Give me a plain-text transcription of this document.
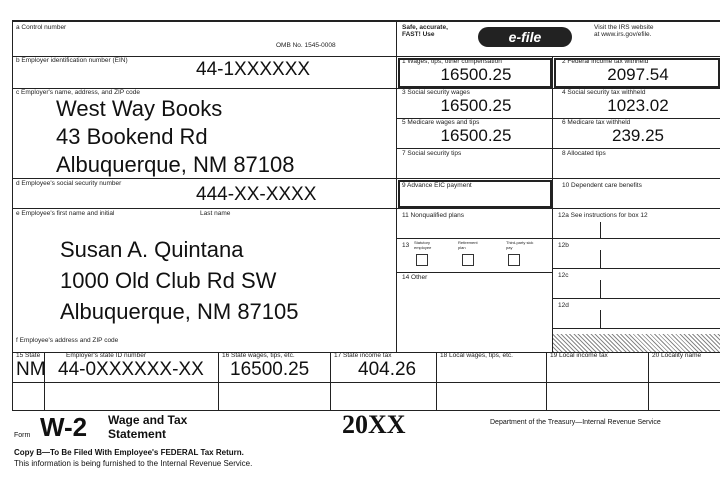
a Control number
OMB No. 1545-0008
Safe, accurate,
FAST! Use	e-file
Visit the IRS website
at www.irs.gov/efile.
b Employer identification number (EIN)	44-1XXXXXX
c Employer's name, address, and ZIP code
West Way Books
43 Bookend Rd
Albuquerque, NM 87108
d Employee's social security number
444-XX-XXXX
e Employee's first name and initial	Last name
Susan A. Quintana
1000 Old Club Rd SW
Albuquerque, NM 87105
f Employee's address and ZIP code
1 Wages, tips, other compensation
16500.25
2 Federal income tax withheld
2097.54
3 Social security wages
16500.25
4 Social security tax withheld
1023.02
5 Medicare wages and tips
16500.25
6 Medicare tax withheld
239.25
7 Social security tips	8 Allocated tips
9 Advance EIC payment	10 Dependent care benefits
11 Nonqualified plans	12a See instructions for box 12
13 Statutory employee
Retirement plan
Third-party sick pay
14 Other
12b
12c
12d
15 State	Employer's state ID number
NM 44-0XXXXXX-XX
16 State wages, tips, etc.
16500.25
17 State income tax
404.26
18 Local wages, tips, etc.	19 Local income tax	20 Locality name
Form W-2 Wage and Tax
Statement	20XX	Department of the Treasury—Internal Revenue Service
Copy B—To Be Filed With Employee's FEDERAL Tax Return.
This information is being furnished to the Internal Revenue Service.
